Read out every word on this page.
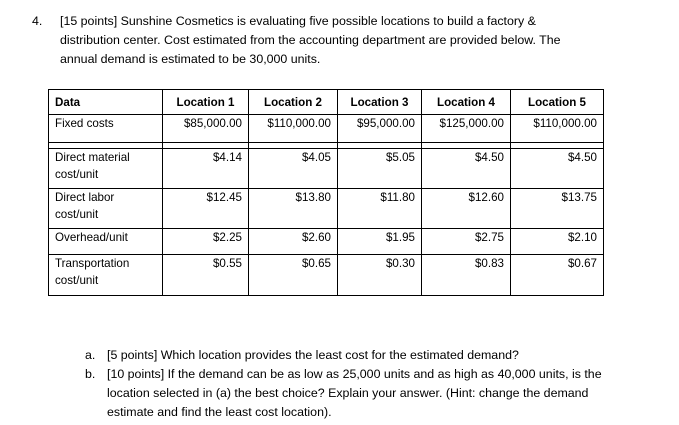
4. [15 points] Sunshine Cosmetics is evaluating five possible locations to build a factory &
distribution center. Cost estimated from the accounting department are provided below. The
annual demand is estimated to be 30,000 units.
Data	Location 1	Location 2	Location 3	Location 4	Location 5
Fixed costs	$85,000.00	$110,000.00	$95,000.00	$125,000.00	$110,000.00

Direct material
cost/unit	$4.14	$4.05	$5.05	$4.50	$4.50

Direct labor
cost/unit	$12.45	$13.80	$11.80	$12.60	$13.75
Overhead/unit	$2.25	$2.60	$1.95	$2.75	$2.10

Transportation
cost/unit	$0.55	$0.65	$0.30	$0.83	$0.67
a. [5 points] Which location provides the least cost for the estimated demand?
b. [10 points] If the demand can be as low as 25,000 units and as high as 40,000 units, is the
location selected in (a) the best choice? Explain your answer. (Hint: change the demand
estimate and find the least cost location).
